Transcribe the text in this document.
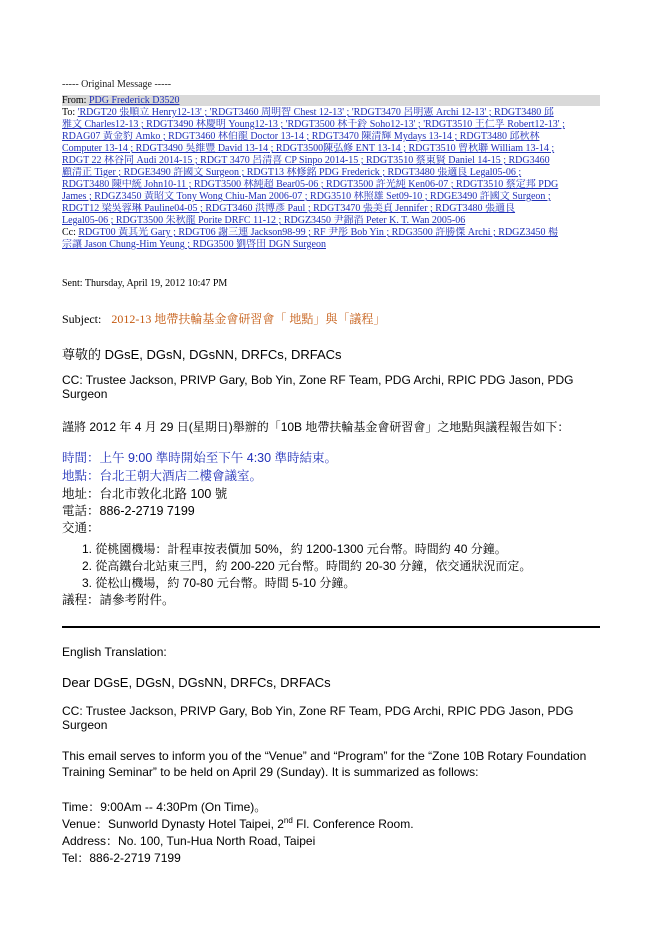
----- Original Message -----
From: PDG Frederick D3520
To: 'RDGT20 張順立 Henry12-13' ; 'RDGT3460 周明智 Chest 12-13' ; 'RDGT3470 呂明憲 Archi 12-13' ; RDGT3480 邱
雅文 Charles12-13 ; RDGT3490 林慶明 Young12-13 ; 'RDGT3500 林千鈴 Soho12-13' ; 'RDGT3510 王仁孚 Robert12-13' ;
RDAG07 黃金豹 Amko ; RDGT3460 林伯龍 Doctor 13-14 ; RDGT3470 陳清輝 Mydays 13-14 ; RDGT3480 邱秋林
Computer 13-14 ; RDGT3490 吳維豐 David 13-14 ; RDGT3500陳弘修 ENT 13-14 ; RDGT3510 曾秋聯 William 13-14 ;
RDGT 22 林谷同 Audi 2014-15 ; RDGT 3470 呂清喜 CP Sinpo 2014-15 ; RDGT3510 蔡東賢 Daniel 14-15 ; RDG3460
顧清正 Tiger ; RDGE3490 許國文 Surgeon ; RDGT13 林修銘 PDG Frederick ; RDGT3480 張適良 Legal05-06 ;
RDGT3480 陳中統 John10-11 ; RDGT3500 林純超 Bear05-06 ; RDGT3500 許光純 Ken06-07 ; RDGT3510 蔡定邦 PDG
James ; RDGZ3450 黃昭文 Tony Wong Chiu-Man 2006-07 ; RDG3510 林照雄 Set09-10 ; RDGE3490 許國文 Surgeon ;
RDGT12 梁吳蓉琳 Pauline04-05 ; RDGT3460 洪博彥 Paul ; RDGT3470 張美貞 Jennifer ; RDGT3480 張適良
Legal05-06 ; RDGT3500 朱秋龍 Porite DRFC 11-12 ; RDGZ3450 尹錦滔 Peter K. T. Wan 2005-06
Cc: RDGT00 黃其光 Gary ; RDGT06 謝三連 Jackson98-99 ; RF 尹彤 Bob Yin ; RDG3500 許勝傑 Archi ; RDGZ3450 楊
宗讓 Jason Chung-Him Yeung ; RDG3500 劉啓田 DGN Surgeon
Sent: Thursday, April 19, 2012 10:47 PM
Subject: 2012-13 地帶扶輪基金會研習會「 地點」與「議程」
尊敬的 DGsE, DGsN, DGsNN, DRFCs, DRFACs
CC: Trustee Jackson, PRIVP Gary, Bob Yin, Zone RF Team, PDG Archi, RPIC PDG Jason, PDG Surgeon
謹將 2012 年 4 月 29 日(星期日)舉辦的「10B 地帶扶輪基金會研習會」之地點與議程報告如下：
時間：上午 9:00 準時開始至下午 4:30 準時結束。
地點：台北王朝大酒店二樓會議室。
地址：台北市敦化北路 100 號
電話：886-2-2719 7199
交通：
1. 從桃園機場：計程車按表價加 50%，約 1200-1300 元台幣。時間約 40 分鐘。
2. 從高鐵台北站東三門，約 200-220 元台幣。時間約 20-30 分鐘，依交通狀況而定。
3. 從松山機場，約 70-80 元台幣。時間 5-10 分鐘。
議程：請參考附件。
English Translation:
Dear DGsE, DGsN, DGsNN, DRFCs, DRFACs
CC: Trustee Jackson, PRIVP Gary, Bob Yin, Zone RF Team, PDG Archi, RPIC PDG Jason, PDG Surgeon
This email serves to inform you of the “Venue” and “Program” for the “Zone 10B Rotary Foundation Training Seminar” to be held on April 29 (Sunday). It is summarized as follows:
Time：9:00Am -- 4:30Pm (On Time)。
Venue：Sunworld Dynasty Hotel Taipei, 2nd Fl. Conference Room.
Address：No. 100, Tun-Hua North Road, Taipei
Tel：886-2-2719 7199
